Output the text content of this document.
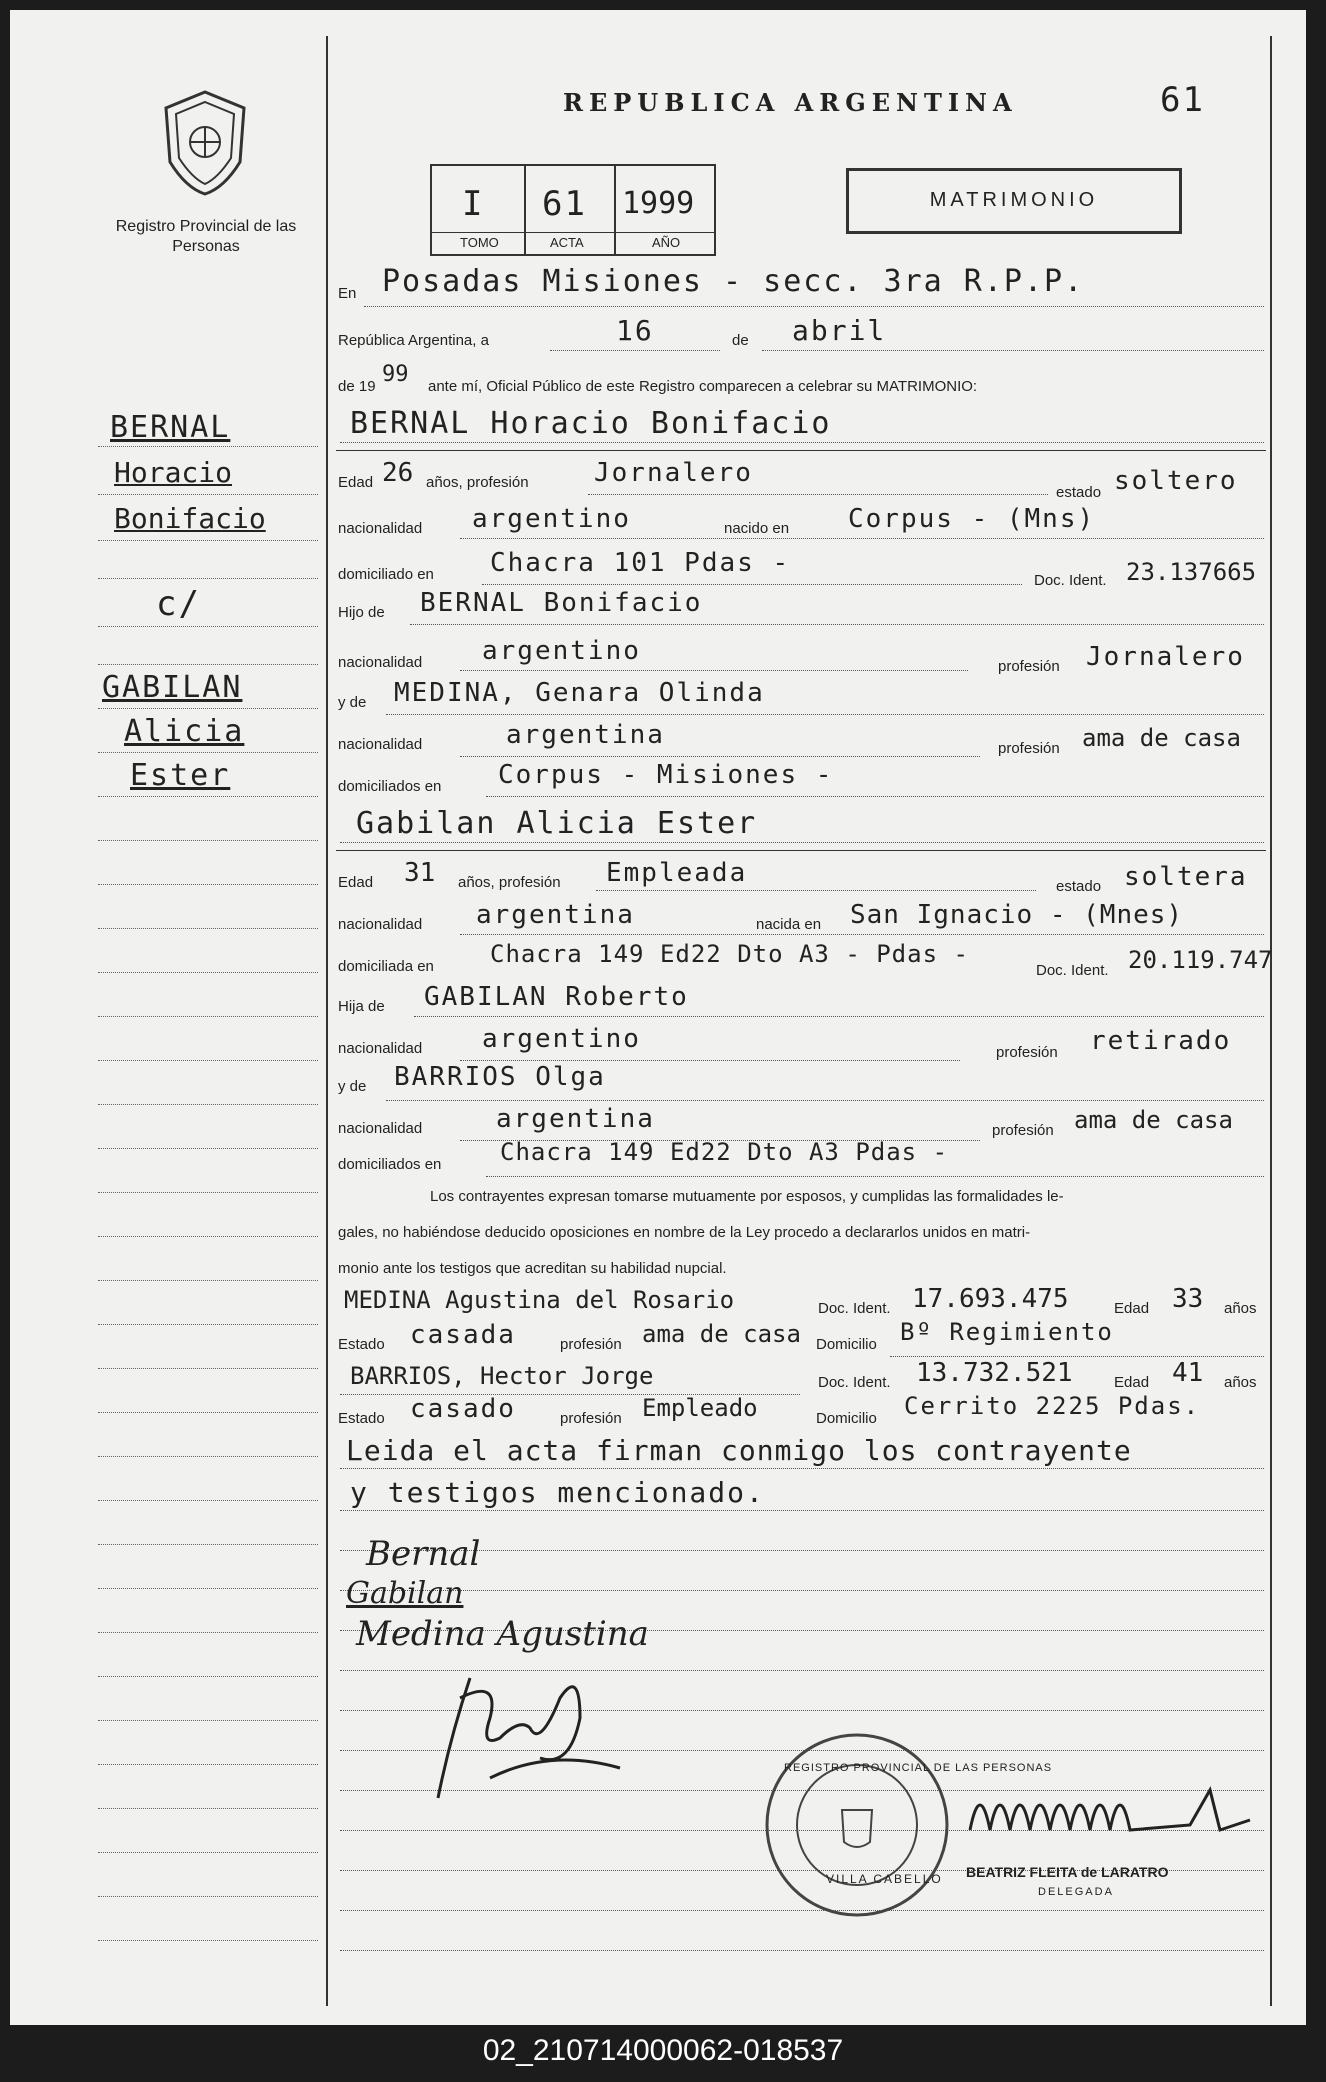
Registro Provincial de las Personas
REPUBLICA ARGENTINA	61
I 61 1999
TOMO	ACTA	AÑO
MATRIMONIO
BERNAL
Horacio
Bonifacio
c/
GABILAN
Alicia
Ester
En Posadas Misiones - secc. 3ra R.P.P.
República Argentina, a	16	de abril
de 19 99 ante mí, Oficial Público de este Registro comparecen a celebrar su MATRIMONIO:
BERNAL Horacio Bonifacio
Edad 26 años, profesión	Jornalero
estado soltero
nacionalidad argentino	nacido en Corpus - (Mns)
domiciliado en Chacra 101 Pdas -
Doc. Ident. 23.137665
Hijo de BERNAL Bonifacio
nacionalidad argentino
profesión Jornalero
y de MEDINA, Genara Olinda
nacionalidad	argentina	profesión ama de casa
domiciliados en Corpus - Misiones -
Gabilan Alicia Ester
Edad 31 años, profesión Empleada	estado soltera
nacionalidad argentina	nacida en San Ignacio - (Mnes)
domiciliada en Chacra 149 Ed22 Dto A3 - Pdas -
Doc. Ident. 20.119.747
Hija de GABILAN Roberto
nacionalidad argentino	profesión retirado
y de BARRIOS Olga
nacionalidad	argentina	profesión ama de casa
domiciliados en Chacra 149 Ed22 Dto A3 Pdas -
Los contrayentes expresan tomarse mutuamente por esposos, y cumplidas las formalidades le-
gales, no habiéndose deducido oposiciones en nombre de la Ley procedo a declararlos unidos en matri-
monio ante los testigos que acreditan su habilidad nupcial.
MEDINA Agustina del Rosario	Doc. Ident. 17.693.475	Edad 33 años
Estado casada	profesión ama de casa Domicilio Bº Regimiento
BARRIOS, Hector Jorge	Doc. Ident. 13.732.521	Edad 41 años
Estado casado	profesión Empleado	Domicilio Cerrito 2225 Pdas.
Leida el acta firman conmigo los contrayente
y testigos mencionado.
Bernal
Gabilan
Medina Agustina
REGISTRO PROVINCIAL DE LAS PERSONAS
VILLA CABELLO BEATRIZ FLEITA de LARATRO
DELEGADA
02_210714000062-018537
